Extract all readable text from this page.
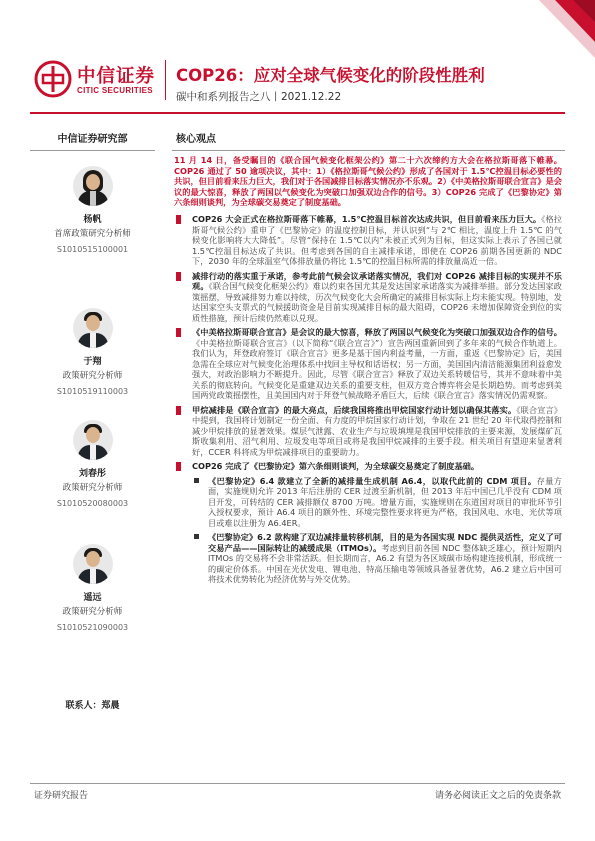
中信证券
CITIC SECURITIES
COP26：应对全球气候变化的阶段性胜利
碳中和系列报告之八丨2021.12.22
中信证券研究部
杨帆
首席政策研究分析师
S1010515100001
于翔
政策研究分析师
S1010519110003
刘春彤
政策研究分析师
S1010520080003
遥远
政策研究分析师
S1010521090003
联系人：郑晨
核心观点
11 月 14 日，备受瞩目的《联合国气候变化框架公约》第二十六次缔约方大会在格拉斯哥落下帷幕。COP26 通过了 50 逾项决议，其中：1）《格拉斯哥气候公约》形成了各国对于 1.5℃控温目标必要性的共识，但目前看来压力巨大，我们对于各国减排目标落实情况亦不乐观。2）《中美格拉斯哥联合宣言》是会议的最大惊喜，释放了两国以气候变化为突破口加强双边合作的信号。3）COP26 完成了《巴黎协定》第六条细则谈判，为全球碳交易奠定了制度基础。
COP26 大会正式在格拉斯哥落下帷幕，1.5℃控温目标首次达成共识，但目前看来压力巨大。《格拉斯哥气候公约》重申了《巴黎协定》的温度控制目标，并认识到“与 2℃ 相比，温度上升 1.5℃ 的气候变化影响将大大降低”。尽管“保持在 1.5℃以内”未被正式列为目标，但这实际上表示了各国已就 1.5℃控温目标达成了共识。但考虑到各国的自主减排承诺，即使在 COP26 前期各国更新的 NDC 下，2030 年的全球温室气体排放量仍将比 1.5℃的控温目标所需的排放量高近一倍。
减排行动的落实重于承诺，参考此前气候会议承诺落实情况，我们对 COP26 减排目标的实现并不乐观。《联合国气候变化框架公约》难以约束各国尤其是发达国家承诺落实为减排举措。部分发达国家政策摇摆，导致减排努力难以持续，历次气候变化大会所确定的减排目标实际上均未能实现。特别地，发达国家空头支票式的气候援助资金是目前实现减排目标的最大阻碍，COP26 未增加保障资金到位的实质性措施，预计后续仍然难以兑现。
《中美格拉斯哥联合宣言》是会议的最大惊喜，释放了两国以气候变化为突破口加强双边合作的信号。《中美格拉斯哥联合宣言》（以下简称“《联合宣言》”）宣告两国重新回到了多年来的气候合作轨道上。我们认为，拜登政府签订《联合宣言》更多是基于国内利益考量，一方面，重返《巴黎协定》后，美国急需在全球应对气候变化治理体系中找回主导权和话语权；另一方面，美国国内清洁能源集团利益愈发强大，对政治影响力不断提升。因此，尽管《联合宣言》释放了双边关系转暖信号，其并不意味着中美关系的彻底转向。气候变化是重建双边关系的重要支柱，但双方竞合博弈将会是长期趋势。而考虑到美国两党政策摇摆性，且美国国内对于拜登气候战略矛盾巨大，后续《联合宣言》落实情况仍需观察。
甲烷减排是《联合宣言》的最大亮点，后续我国将推出甲烷国家行动计划以确保其落实。《联合宣言》中提到，我国将计划制定一份全面、有力度的甲烷国家行动计划，争取在 21 世纪 20 年代取得控制和减少甲烷排放的显著效果。煤层气泄露、农业生产与垃圾填埋是我国甲烷排放的主要来源，发展煤矿瓦斯收集利用、沼气利用、垃圾发电等项目或将是我国甲烷减排的主要手段。相关项目有望迎来显著利好，CCER 科将成为甲烷减排项目的重要助力。
COP26 完成了《巴黎协定》第六条细则谈判，为全球碳交易奠定了制度基础。
《巴黎协定》6.4 款建立了全新的减排量生成机制 A6.4，以取代此前的 CDM 项目。存量方面，实施规则允许 2013 年后注册的 CER 过渡至新机制，但 2013 年后中国已几乎没有 CDM 项目开发，可转结的 CER 减排额仅 8700 万吨。增量方面，实施规则在东道国对项目的审批环节引入授权要求，预计 A6.4 项目的额外性、环境完整性要求将更为严格，我国风电、水电、光伏等项目或难以注册为 A6.4ER。
《巴黎协定》6.2 款构建了双边减排量转移机制，目的是为各国实现 NDC 提供灵活性，定义了可交易产品——国际转让的减缓成果（ITMOs）。考虑到目前各国 NDC 整体缺乏雄心，预计短期内 ITMOs 的交易将不会非常活跃。但长期而言，A6.2 有望为各区域碳市场构建连接机制，形成统一的碳定价体系。中国在光伏发电、锂电池、特高压输电等领域具备显著优势，A6.2 建立后中国可将技术优势转化为经济优势与外交优势。
证券研究报告	请务必阅读正文之后的免责条款
